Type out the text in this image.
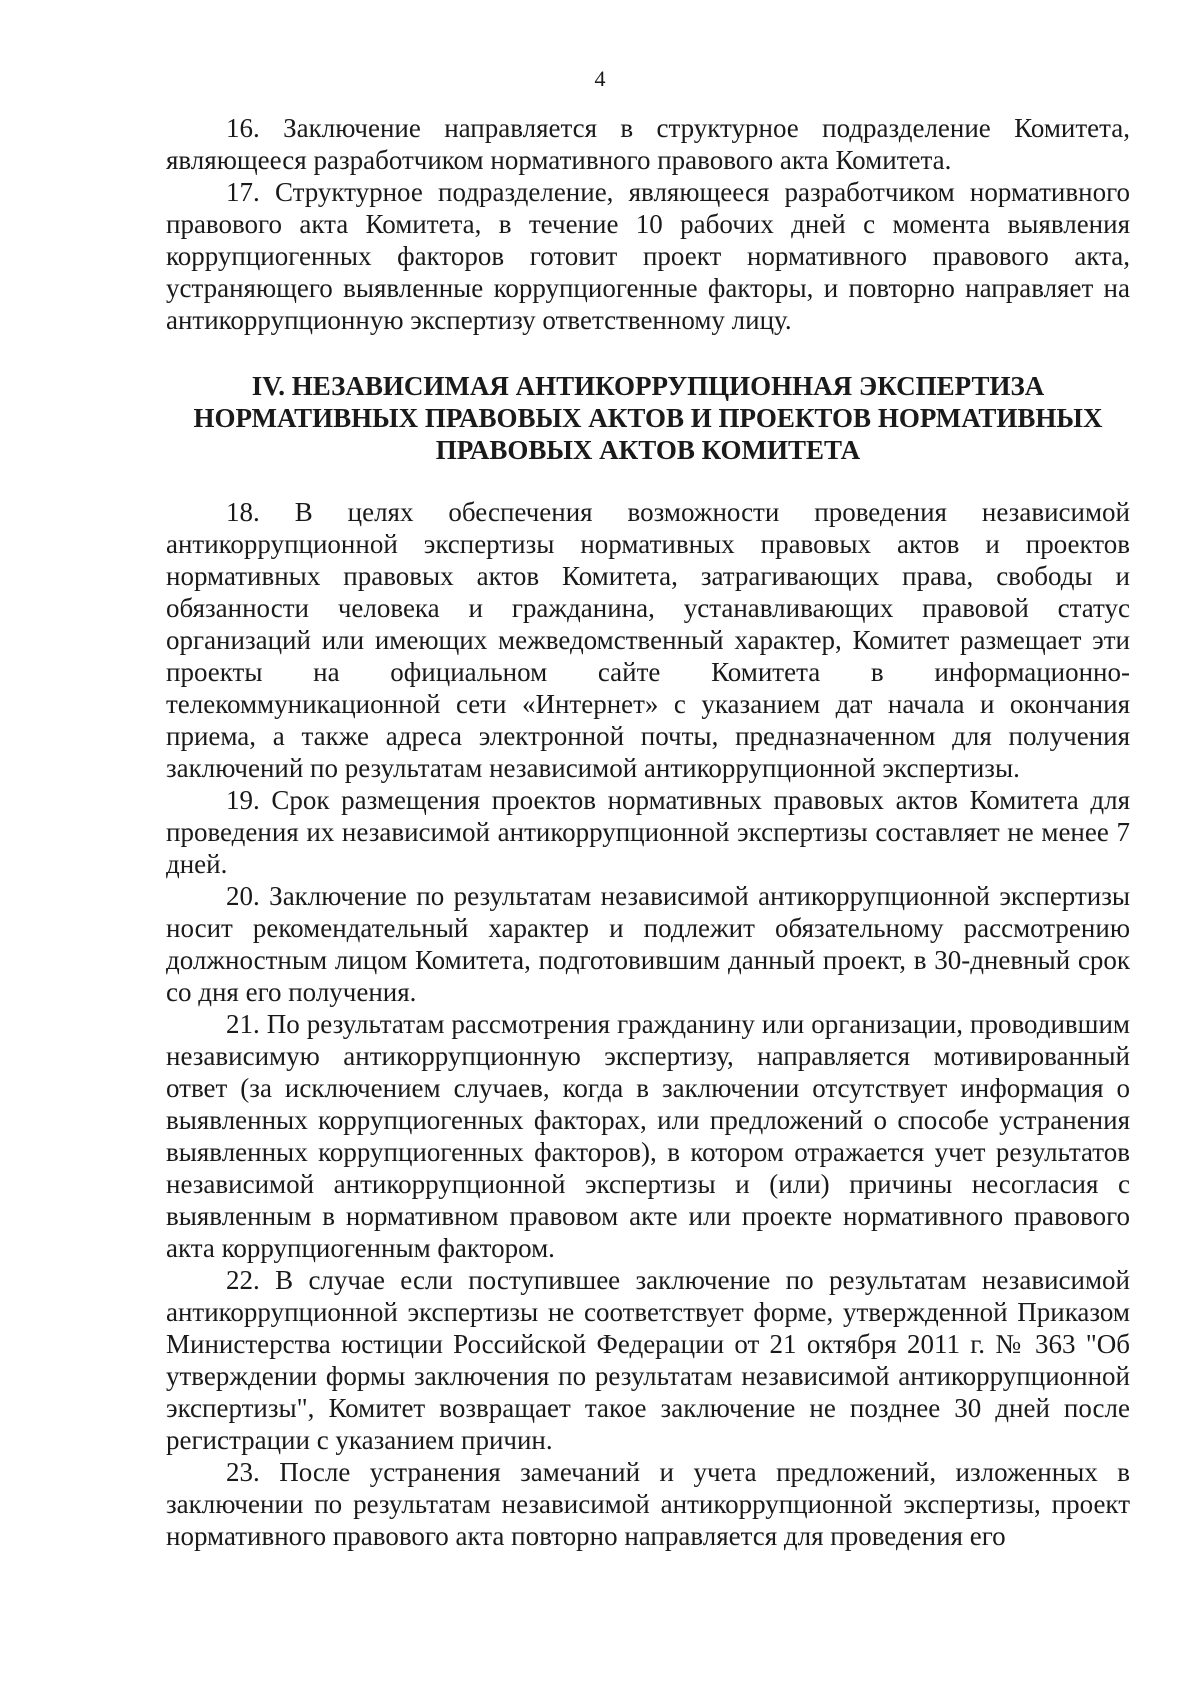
4

16. Заключение направляется в структурное подразделение Комитета, являющееся разработчиком нормативного правового акта Комитета.

17. Структурное подразделение, являющееся разработчиком нормативного правового акта Комитета, в течение 10 рабочих дней с момента выявления коррупциогенных факторов готовит проект нормативного правового акта, устраняющего выявленные коррупциогенные факторы, и повторно направляет на антикоррупционную экспертизу ответственному лицу.

IV. НЕЗАВИСИМАЯ АНТИКОРРУПЦИОННАЯ ЭКСПЕРТИЗА
НОРМАТИВНЫХ ПРАВОВЫХ АКТОВ И ПРОЕКТОВ НОРМАТИВНЫХ
ПРАВОВЫХ АКТОВ КОМИТЕТА

18. В целях обеспечения возможности проведения независимой антикоррупционной экспертизы нормативных правовых актов и проектов нормативных правовых актов Комитета, затрагивающих права, свободы и обязанности человека и гражданина, устанавливающих правовой статус организаций или имеющих межведомственный характер, Комитет размещает эти проекты на официальном сайте Комитета в информационно-телекоммуникационной сети «Интернет» с указанием дат начала и окончания приема, а также адреса электронной почты, предназначенном для получения заключений по результатам независимой антикоррупционной экспертизы.

19. Срок размещения проектов нормативных правовых актов Комитета для проведения их независимой антикоррупционной экспертизы составляет не менее 7 дней.

20. Заключение по результатам независимой антикоррупционной экспертизы носит рекомендательный характер и подлежит обязательному рассмотрению должностным лицом Комитета, подготовившим данный проект, в 30-дневный срок со дня его получения.

21. По результатам рассмотрения гражданину или организации, проводившим независимую антикоррупционную экспертизу, направляется мотивированный ответ (за исключением случаев, когда в заключении отсутствует информация о выявленных коррупциогенных факторах, или предложений о способе устранения выявленных коррупциогенных факторов), в котором отражается учет результатов независимой антикоррупционной экспертизы и (или) причины несогласия с выявленным в нормативном правовом акте или проекте нормативного правового акта коррупциогенным фактором.

22. В случае если поступившее заключение по результатам независимой антикоррупционной экспертизы не соответствует форме, утвержденной Приказом Министерства юстиции Российской Федерации от 21 октября 2011 г. № 363 "Об утверждении формы заключения по результатам независимой антикоррупционной экспертизы", Комитет возвращает такое заключение не позднее 30 дней после регистрации с указанием причин.

23. После устранения замечаний и учета предложений, изложенных в заключении по результатам независимой антикоррупционной экспертизы, проект нормативного правового акта повторно направляется для проведения его
